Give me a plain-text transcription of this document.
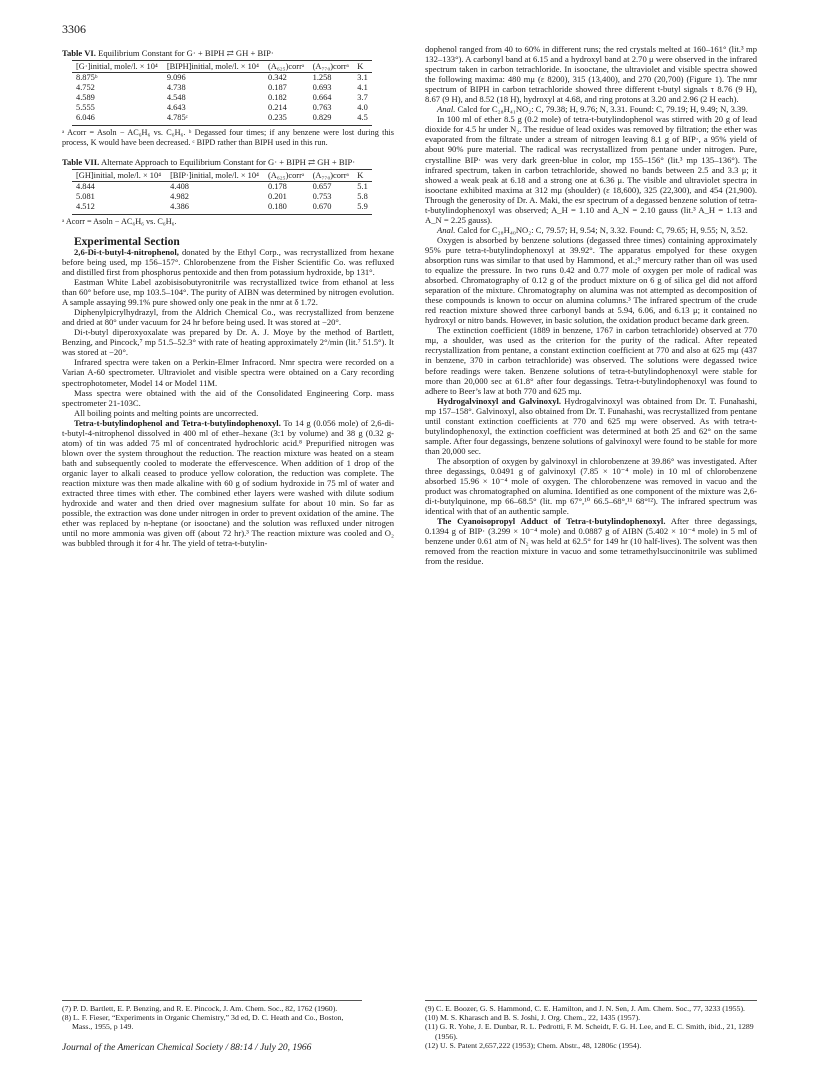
3306

Table VI. Equilibrium Constant for G· + BIPH ⇄ GH + BIP·

[G·]initial, mole/l. × 10⁴	[BIPH]initial, mole/l. × 10⁴	(A₆₂₅)corrᵃ	(A₇₇₀)corrᵃ	K
8.875ᵇ	9.096	0.342	1.258	3.1
4.752	4.738	0.187	0.693	4.1
4.589	4.548	0.182	0.664	3.7
5.555	4.643	0.214	0.763	4.0
6.046	4.785ᶜ	0.235	0.829	4.5

ᵃ Acorr = Asoln − AC₆H₆ vs. C₆H₆. ᵇ Degassed four times; if any benzene were lost during this process, K would have been decreased. ᶜ BIPD rather than BIPH used in this run.

Table VII. Alternate Approach to Equilibrium Constant for G· + BIPH ⇄ GH + BIP·

[GH]initial, mole/l. × 10⁴	[BIP·]initial, mole/l. × 10⁴	(A₆₂₅)corrᵃ	(A₇₇₀)corrᵃ	K
4.844	4.408	0.178	0.657	5.1
5.081	4.982	0.201	0.753	5.8
4.512	4.386	0.180	0.670	5.9

ᵃ Acorr = Asoln − AC₆H₆ vs. C₆H₆.

Experimental Section

2,6-Di-t-butyl-4-nitrophenol, donated by the Ethyl Corp., was recrystallized from hexane before being used, mp 156–157°. Chlorobenzene from the Fisher Scientific Co. was refluxed and distilled first from phosphorus pentoxide and then from potassium hydroxide, bp 131°.

Eastman White Label azobisisobutyronitrile was recrystallized twice from ethanol at less than 60° before use, mp 103.5–104°. The purity of AIBN was determined by nitrogen evolution. A sample assaying 99.1% pure showed only one peak in the nmr at δ 1.72.

Diphenylpicrylhydrazyl, from the Aldrich Chemical Co., was recrystallized from benzene and dried at 80° under vacuum for 24 hr before being used. It was stored at −20°.

Di-t-butyl diperoxyoxalate was prepared by Dr. A. J. Moye by the method of Bartlett, Benzing, and Pincock,⁷ mp 51.5–52.3° with rate of heating approximately 2°/min (lit.⁷ 51.5°). It was stored at −20°.

Infrared spectra were taken on a Perkin-Elmer Infracord. Nmr spectra were recorded on a Varian A-60 spectrometer. Ultraviolet and visible spectra were obtained on a Cary recording spectrophotometer, Model 14 or Model 11M.

Mass spectra were obtained with the aid of the Consolidated Engineering Corp. mass spectrometer 21-103C.

All boiling points and melting points are uncorrected.

Tetra-t-butylindophenol and Tetra-t-butylindophenoxyl. To 14 g (0.056 mole) of 2,6-di-t-butyl-4-nitrophenol dissolved in 400 ml of ether–hexane (3:1 by volume) and 38 g (0.32 g-atom) of tin was added 75 ml of concentrated hydrochloric acid.⁸ Prepurified nitrogen was blown over the system throughout the reduction. The reaction mixture was heated on a steam bath and subsequently cooled to moderate the effervescence. When addition of 1 drop of the organic layer to alkali ceased to produce yellow coloration, the reduction was complete. The reaction mixture was then made alkaline with 60 g of sodium hydroxide in 75 ml of water and extracted three times with ether. The combined ether layers were washed with dilute sodium hydroxide and water and then dried over magnesium sulfate for about 10 min. So far as possible, the extraction was done under nitrogen in order to prevent oxidation of the amine. The ether was replaced by n-heptane (or isooctane) and the solution was refluxed under nitrogen until no more ammonia was given off (about 72 hr).³ The reaction mixture was cooled and O₂ was bubbled through it for 4 hr. The yield of tetra-t-butylin-

dophenol ranged from 40 to 60% in different runs; the red crystals melted at 160–161° (lit.³ mp 132–133°). A carbonyl band at 6.15 and a hydroxyl band at 2.70 μ were observed in the infrared spectrum taken in carbon tetrachloride. In isooctane, the ultraviolet and visible spectra showed the following maxima: 480 mμ (ε 8200), 315 (13,400), and 270 (20,700) (Figure 1). The nmr spectrum of BIPH in carbon tetrachloride showed three different t-butyl signals τ 8.76 (9 H), 8.67 (9 H), and 8.52 (18 H), hydroxyl at 4.68, and ring protons at 3.20 and 2.96 (2 H each).

Anal. Calcd for C₂₈H₄₁NO₂: C, 79.38; H, 9.76; N, 3.31. Found: C, 79.19; H, 9.49; N, 3.39.

In 100 ml of ether 8.5 g (0.2 mole) of tetra-t-butylindophenol was stirred with 20 g of lead dioxide for 4.5 hr under N₂. The residue of lead oxides was removed by filtration; the ether was evaporated from the filtrate under a stream of nitrogen leaving 8.1 g of BIP·, a 95% yield of about 90% pure material. The radical was recrystallized from pentane under nitrogen. Pure, crystalline BIP· was very dark green-blue in color, mp 155–156° (lit.³ mp 135–136°). The infrared spectrum, taken in carbon tetrachloride, showed no bands between 2.5 and 3.3 μ; it showed a weak peak at 6.18 and a strong one at 6.36 μ. The visible and ultraviolet spectra in isooctane exhibited maxima at 312 mμ (shoulder) (ε 18,600), 325 (22,300), and 454 (21,900). Through the generosity of Dr. A. Maki, the esr spectrum of a degassed benzene solution of tetra-t-butylindophenoxyl was observed; A_H = 1.10 and A_N = 2.10 gauss (lit.³ A_H = 1.13 and A_N = 2.25 gauss).

Anal. Calcd for C₂₈H₄₀NO₂: C, 79.57; H, 9.54; N, 3.32. Found: C, 79.65; H, 9.55; N, 3.52.

Oxygen is absorbed by benzene solutions (degassed three times) containing approximately 95% pure tetra-t-butylindophenoxyl at 39.92°. The apparatus empolyed for these oxygen absorption runs was similar to that used by Hammond, et al.;⁹ mercury rather than oil was used to equalize the pressure. In two runs 0.42 and 0.77 mole of oxygen per mole of radical was absorbed. Chromatography of 0.12 g of the product mixture on 6 g of silica gel did not afford separation of the mixture. Chromatography on alumina was not attempted as decomposition of these compounds is known to occur on alumina columns.³ The infrared spectrum of the crude red reaction mixture showed three carbonyl bands at 5.94, 6.06, and 6.13 μ; it contained no hydroxyl or nitro bands. However, in basic solution, the oxidation product became dark green.

The extinction coefficient (1889 in benzene, 1767 in carbon tetrachloride) observed at 770 mμ, a shoulder, was used as the criterion for the purity of the radical. After repeated recrystallization from pentane, a constant extinction coefficient at 770 and also at 625 mμ (437 in benzene, 370 in carbon tetrachloride) was observed. The solutions were degassed twice before readings were taken. Benzene solutions of tetra-t-butylindophenoxyl were stable for more than 20,000 sec at 61.8° after four degassings. Tetra-t-butylindophenoxyl was found to adhere to Beer’s law at both 770 and 625 mμ.

Hydrogalvinoxyl and Galvinoxyl. Hydrogalvinoxyl was obtained from Dr. T. Funahashi, mp 157–158°. Galvinoxyl, also obtained from Dr. T. Funahashi, was recrystallized from pentane until constant extinction coefficients at 770 and 625 mμ were observed. As with tetra-t-butylindophenoxyl, the extinction coefficient was determined at both 25 and 62° on the same sample. After four degassings, benzene solutions of galvinoxyl were found to be stable for more than 20,000 sec.

The absorption of oxygen by galvinoxyl in chlorobenzene at 39.86° was investigated. After three degassings, 0.0491 g of galvinoxyl (7.85 × 10⁻⁴ mole) in 10 ml of chlorobenzene absorbed 15.96 × 10⁻⁴ mole of oxygen. The chlorobenzene was removed in vacuo and the product was chromatographed on alumina. Identified as one component of the mixture was 2,6-di-t-butylquinone, mp 66–68.5° (lit. mp 67°,¹⁰ 66.5–68°,¹¹ 68°¹²). The infrared spectrum was identical with that of an authentic sample.

The Cyanoisopropyl Adduct of Tetra-t-butylindophenoxyl. After three degassings, 0.1394 g of BIP· (3.299 × 10⁻⁴ mole) and 0.0887 g of AIBN (5.402 × 10⁻⁴ mole) in 5 ml of benzene under 0.61 atm of N₂ was held at 62.5° for 149 hr (10 half-lives). The solvent was then removed from the reaction mixture in vacuo and some tetramethylsuccinonitrile was sublimed from the residue.

(7) P. D. Bartlett, E. P. Benzing, and R. E. Pincock, J. Am. Chem. Soc., 82, 1762 (1960).
(8) L. F. Fieser, “Experiments in Organic Chemistry,” 3d ed, D. C. Heath and Co., Boston, Mass., 1955, p 149.
(9) C. E. Boozer, G. S. Hammond, C. E. Hamilton, and J. N. Sen, J. Am. Chem. Soc., 77, 3233 (1955).
(10) M. S. Kharasch and B. S. Joshi, J. Org. Chem., 22, 1435 (1957).
(11) G. R. Yohe, J. E. Dunbar, R. L. Pedrotti, F. M. Scheidt, F. G. H. Lee, and E. C. Smith, ibid., 21, 1289 (1956).
(12) U. S. Patent 2,657,222 (1953); Chem. Abstr., 48, 12806c (1954).
Journal of the American Chemical Society / 88:14 / July 20, 1966
